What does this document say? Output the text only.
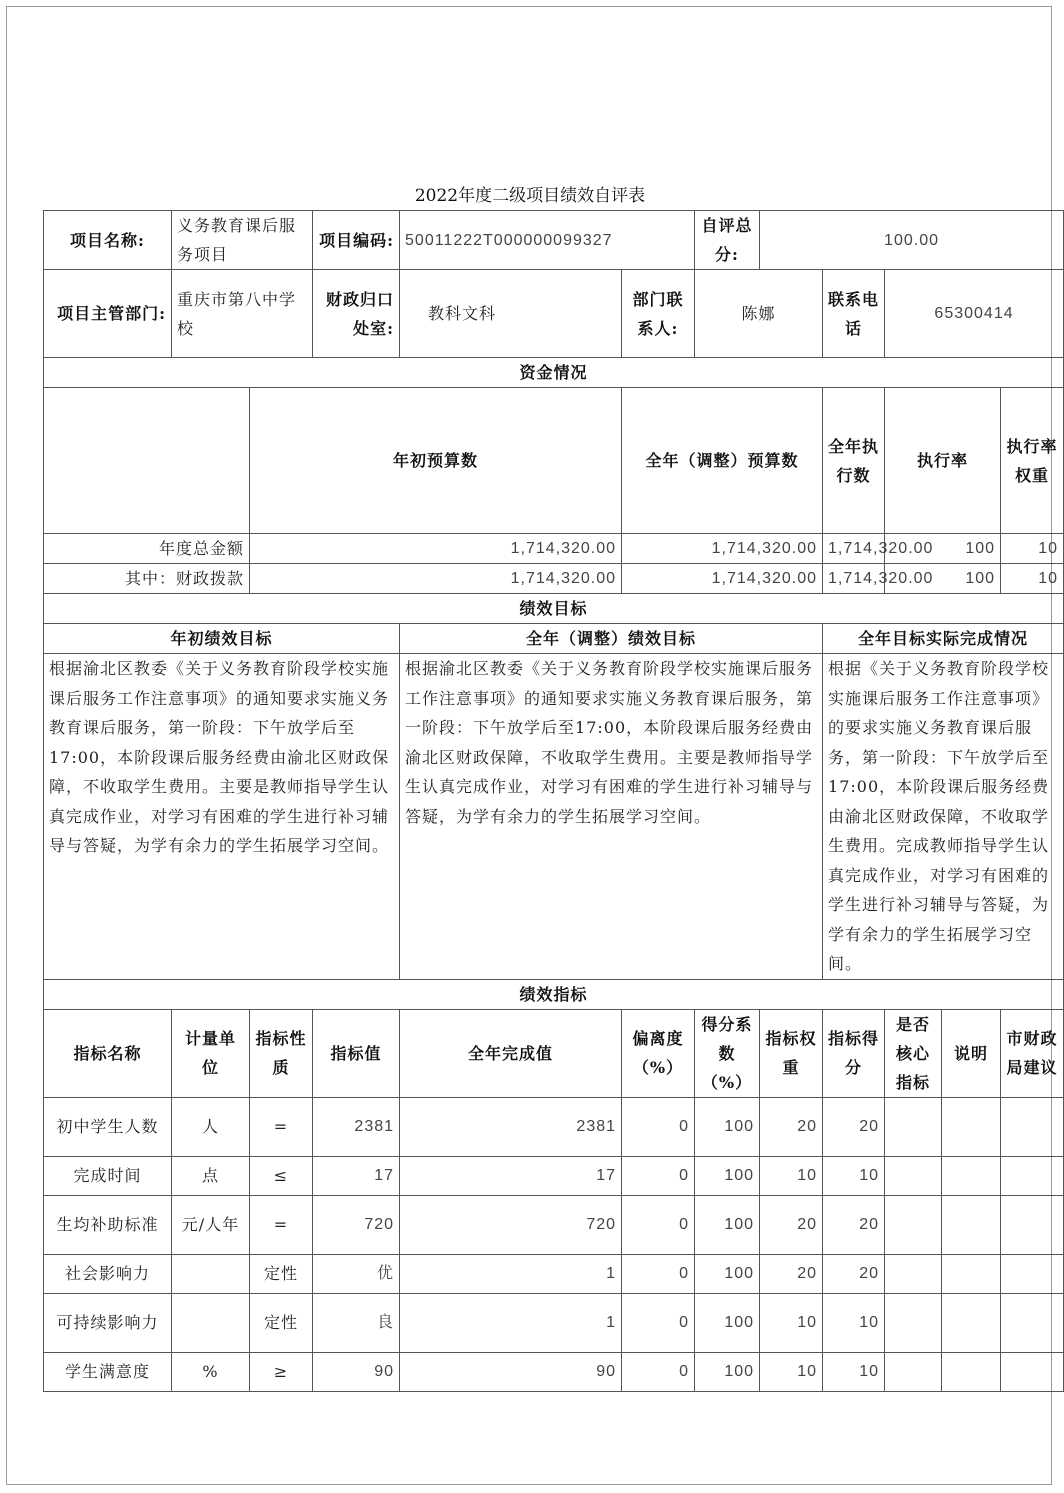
2022年度二级项目绩效自评表
项目名称:	义务教育课后服务项目		项目编码:	50011222T000000099327		自评总分:	100.00					
项目主管部门:	重庆市第八中学校		财政归口处室:	教科文科	部门联系人:	陈娜		联系电话	65300414			
资金情况												
		年初预算数			全年（调整）预算数			全年执行数	执行率		执行率权重	
年度总金额		1,714,320.00			1,714,320.00			1,714,320.00	100		10	
其中：财政拨款		1,714,320.00			1,714,320.00			1,714,320.00	100		10	
绩效目标												
年初绩效目标				全年（调整）绩效目标				全年目标实际完成情况				
根据渝北区教委《关于义务教育阶段学校实施课后服务工作注意事项》的通知要求实施义务教育课后服务，第一阶段：下午放学后至17:00，本阶段课后服务经费由渝北区财政保障，不收取学生费用。主要是教师指导学生认真完成作业，对学习有困难的学生进行补习辅导与答疑，为学有余力的学生拓展学习空间。				根据渝北区教委《关于义务教育阶段学校实施课后服务工作注意事项》的通知要求实施义务教育课后服务，第一阶段：下午放学后至17:00，本阶段课后服务经费由渝北区财政保障，不收取学生费用。主要是教师指导学生认真完成作业，对学习有困难的学生进行补习辅导与答疑，为学有余力的学生拓展学习空间。				根据《关于义务教育阶段学校实施课后服务工作注意事项》的要求实施义务教育课后服务，第一阶段：下午放学后至17:00，本阶段课后服务经费由渝北区财政保障，不收取学生费用。完成教师指导学生认真完成作业，对学习有困难的学生进行补习辅导与答疑，为学有余力的学生拓展学习空间。				
绩效指标												
指标名称	计量单位	指标性质	指标值	全年完成值	偏离度（%）	得分系数（%）	指标权重	指标得分	是否核心指标	说明	市财政局建议	
初中学生人数	人	=	2381	2381	0	100	20	20				
完成时间	点	≤	17	17	0	100	10	10				
生均补助标准	元/人年	=	720	720	0	100	20	20				
社会影响力		定性	优	1	0	100	20	20				
可持续影响力		定性	良	1	0	100	10	10				
学生满意度	%	≥	90	90	0	100	10	10				
